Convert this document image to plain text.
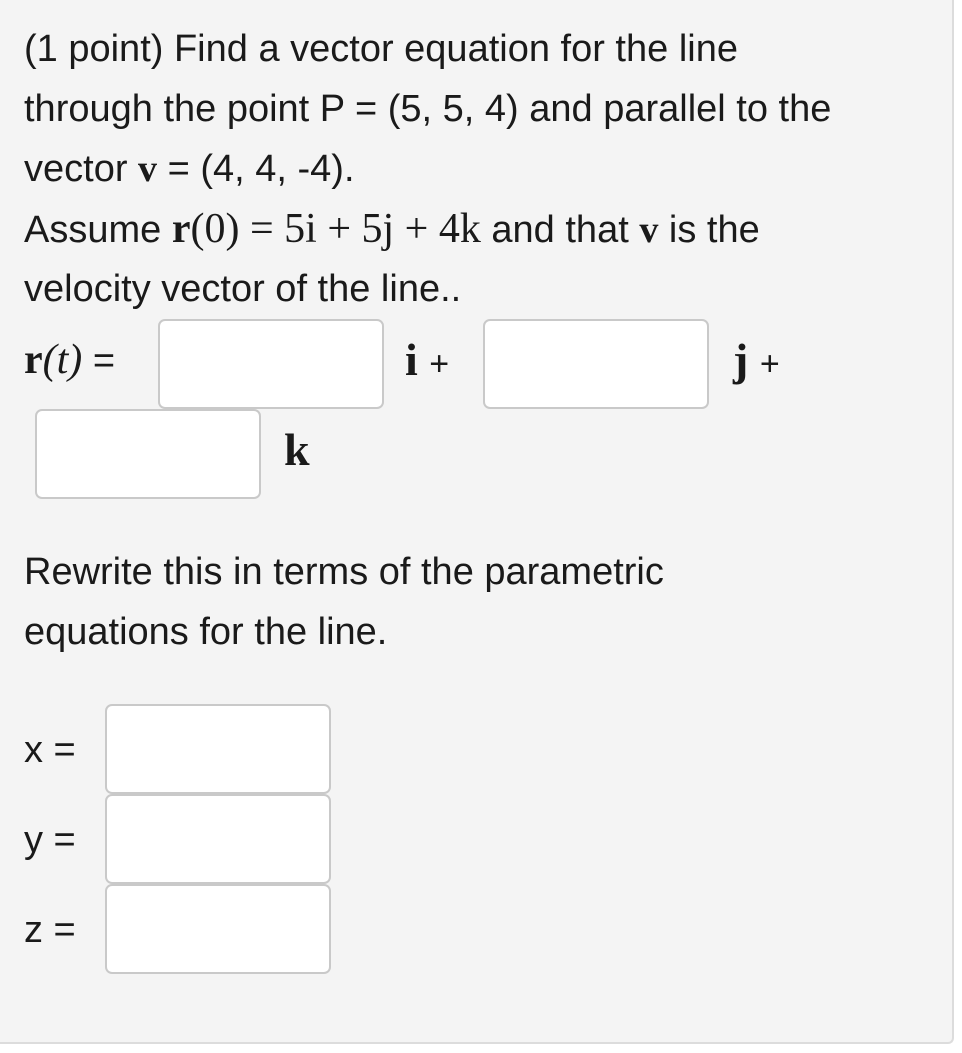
(1 point) Find a vector equation for the line
through the point P = (5, 5, 4) and parallel to the
vector v = (4, 4, -4).
Assume r(0) = 5i + 5j + 4k and that v is the
velocity vector of the line..
r(t) =	i +	j +
k
Rewrite this in terms of the parametric
equations for the line.
x =
y =
z =
